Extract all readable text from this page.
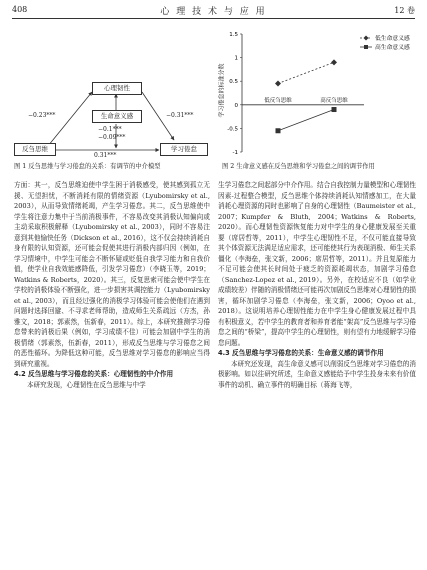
408	心 理 技 术 与 应 用	12 卷
心理韧性
生命意义感
反刍思维	学习倦怠
−0.23***	−0.31***
−0.09***
−0.1***
0.31***
图 1 反刍思维与学习倦怠的关系：有调节的中介模型
1.5
1
0.5
0
-0.5
-1
低反刍思维	高反刍思维
低生命意义感
高生命意义感
学习倦怠的标准分数
图 2 生命意义感在反刍思维和学习倦怠之间的调节作用

方面：其一，反刍思维迫使中学生困于消极感受，使其感到孤立无援、无望担忧，不断消耗有限的情绪资源（Lyubomirsky et al., 2003），从而导致情绪耗竭，产生学习倦怠。其二，反刍思维使中学生将注意力集中于当前消极事件，不容易改变其消极认知偏向或主动采取积极解释（Lyubomirsky et al., 2003），同时不容易注意到其他愉快任务（Dickson et al., 2016），这不仅会持续消耗自身有限的认知资源，还可能会促使其进行消极内部归因（例如，在学习情境中，中学生可能会不断怀疑或贬低自我学习能力和自我价值，使学业自我效能感降低，引发学习倦怠）（李晓玉等，2019；Watkins & Roberts，2020）。其三，反复思索可能会使中学生在学校的消极体验不断强化，进一步损害其调控能力（Lyubomirsky et al., 2003），而且经过强化的消极学习体验可能会使他们在遇到问题时选择回避、不寻求老师帮助，造成师生关系疏远（方杰，孙雅文，2018；郭素然，伍新春，2011）。综上，本研究推测学习倦怠带来的消极后果（例如，学习成绩不佳）可能会加剧中学生的消极情绪（郭素然，伍新春，2011），形成反刍思维与学习倦怠之间的恶性循环。为降低这种可能，反刍思维对学习倦怠的影响应当得到研究重视。

4.2 反刍思维与学习倦怠的关系：心理韧性的中介作用

本研究发现，心理韧性在反刍思维与中学

生学习倦怠之间起部分中介作用。结合自我控制力量模型和心理韧性因素-过程整合模型，反刍思维个体持续消耗认知情感加工，在大量消耗心理资源的同时也影响了自身的心理韧性（Baumeister et al., 2007；Kumpfer & Bluth, 2004；Watkins & Roberts, 2020）。而心理韧性资源恢复能力对中学生的身心健康发展至关重要（席居哲等，2011），中学生心理韧性不足，不仅可能直接导致其个体资源无法满足适应需求，还可能使其行为表现消极、师生关系僵化（李海垒，张文新，2006；席居哲等，2011）。并且复原能力不足可能会使其长时间处于疲乏的资源耗竭状态，加剧学习倦怠（Sanchez-Lopez et al., 2019）。另外，在校适应不良（如学业成绩较差）伴随的消极情绪还可能再次加剧反刍思维对心理韧性的损害，循环加剧学习倦怠（李海垒，张文新，2006；Oyoo et al., 2018）。这说明培养心理韧性能力在中学生身心健康发展过程中具有积极意义，若中学生的教育者和养育者能“架高”反刍思维与学习倦怠之间的“桥梁”，提高中学生的心理韧性，则有望有力地缓解学习倦怠问题。

4.3 反刍思维与学习倦怠的关系：生命意义感的调节作用

本研究还发现，高生命意义感可以削弱反刍思维对学习倦怠的消极影响。如以往研究所述，生命意义感能给予中学生投身未来有价值事件的动机、确立事件的明确目标（蒋海飞等，
